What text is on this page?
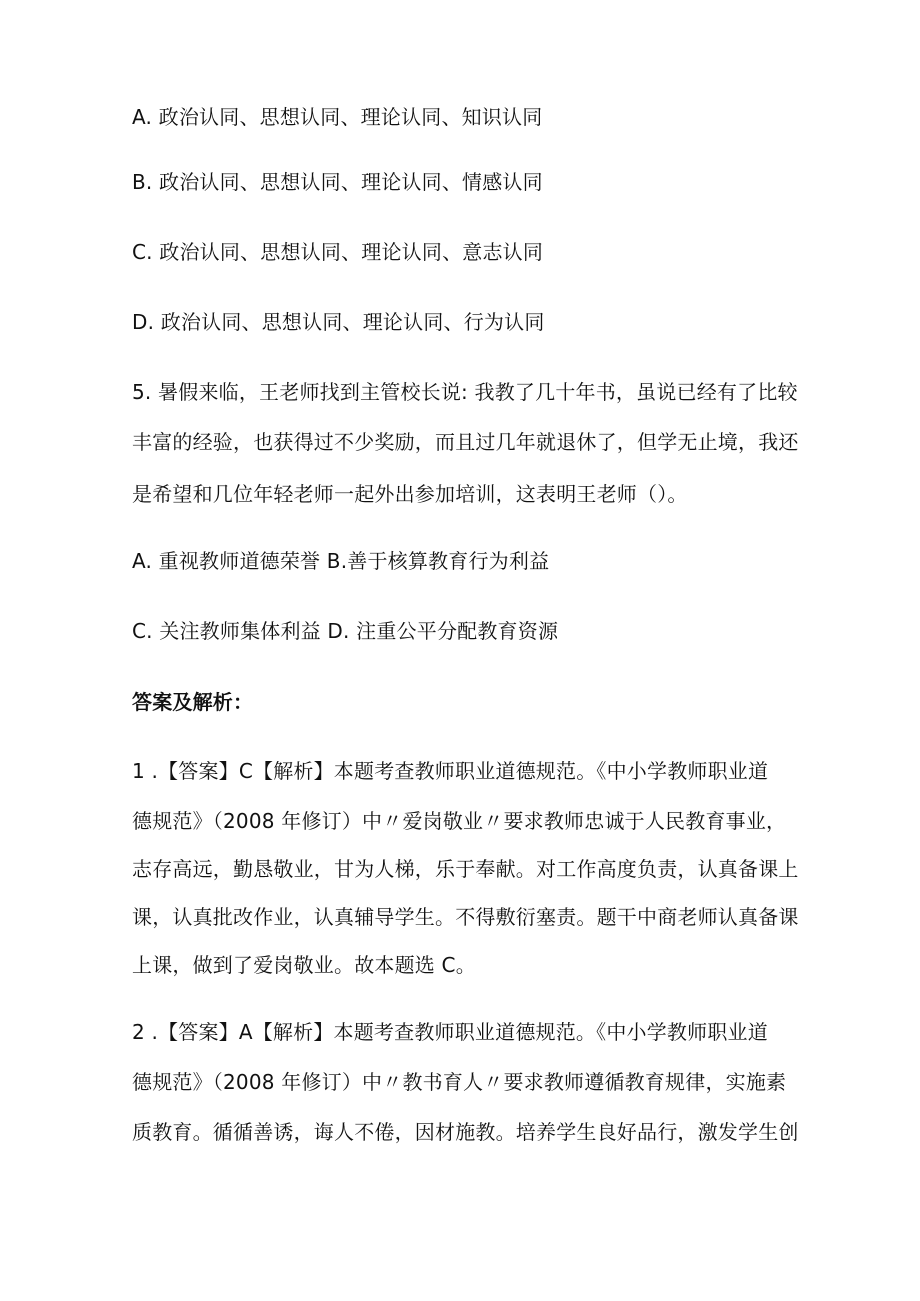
A. 政治认同、思想认同、理论认同、知识认同
B. 政治认同、思想认同、理论认同、情感认同
C. 政治认同、思想认同、理论认同、意志认同
D. 政治认同、思想认同、理论认同、行为认同
5. 暑假来临，王老师找到主管校长说: 我教了几十年书，虽说已经有了比较
丰富的经验，也获得过不少奖励，而且过几年就退休了，但学无止境，我还
是希望和几位年轻老师一起外出参加培训，这表明王老师（）。
A. 重视教师道德荣誉 B.善于核算教育行为利益
C. 关注教师集体利益 D. 注重公平分配教育资源
答案及解析：
1 .【答案】C【解析】本题考查教师职业道德规范。《中小学教师职业道
德规范》（2008 年修订）中〃爱岗敬业〃要求教师忠诚于人民教育事业，
志存高远，勤恳敬业，甘为人梯，乐于奉献。对工作高度负责，认真备课上
课，认真批改作业，认真辅导学生。不得敷衍塞责。题干中商老师认真备课
上课，做到了爱岗敬业。故本题选 C。
2 .【答案】A【解析】本题考查教师职业道德规范。《中小学教师职业道
德规范》（2008 年修订）中〃教书育人〃要求教师遵循教育规律，实施素
质教育。循循善诱，诲人不倦，因材施教。培养学生良好品行，激发学生创
